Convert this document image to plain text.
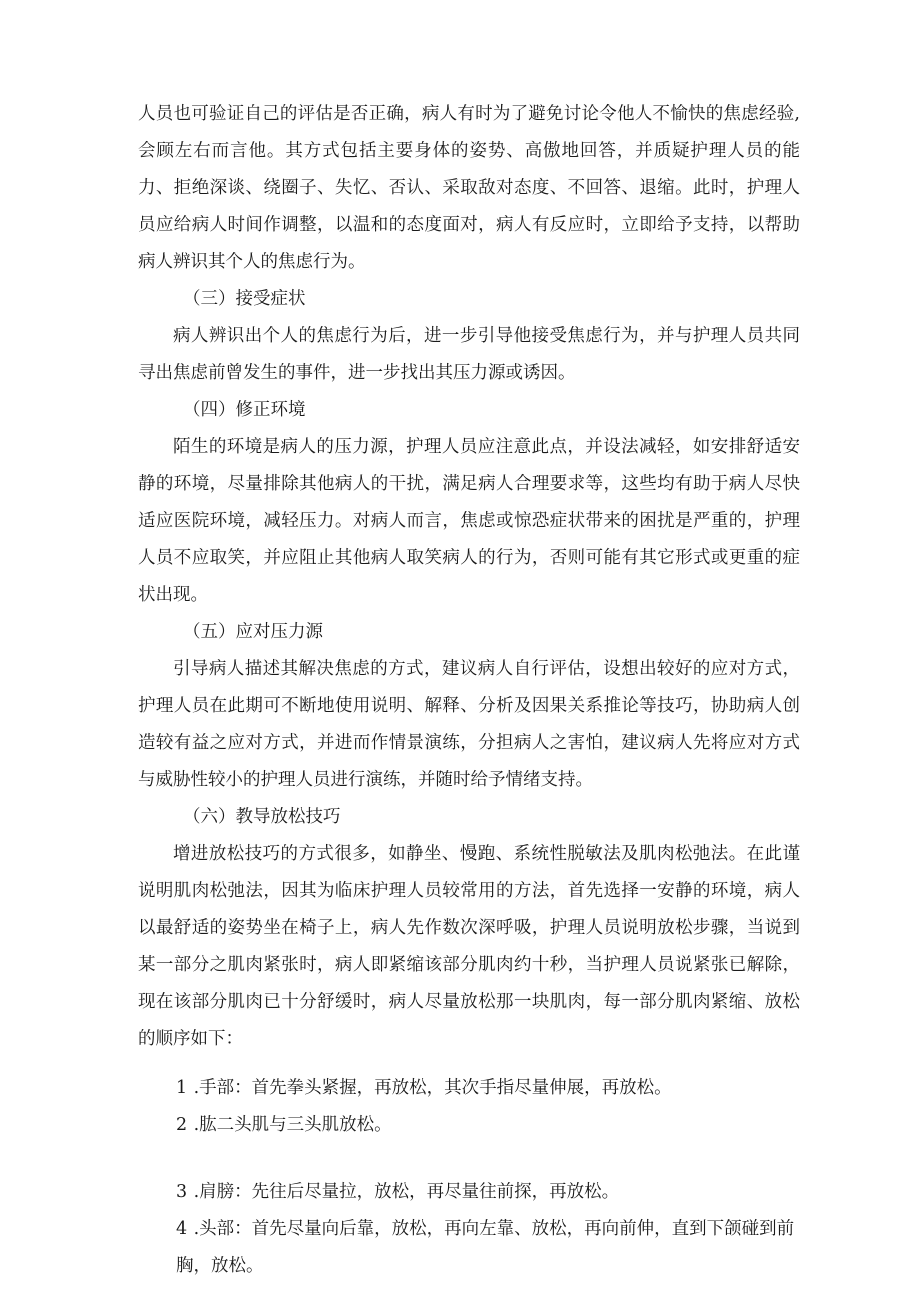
人员也可验证自己的评估是否正确，病人有时为了避免讨论令他人不愉快的焦虑经验,会顾左右而言他。其方式包括主要身体的姿势、高傲地回答，并质疑护理人员的能力、拒绝深谈、绕圈子、失忆、否认、采取敌对态度、不回答、退缩。此时，护理人员应给病人时间作调整，以温和的态度面对，病人有反应时，立即给予支持，以帮助病人辨识其个人的焦虑行为。

（三）接受症状

病人辨识出个人的焦虑行为后，进一步引导他接受焦虑行为，并与护理人员共同寻出焦虑前曾发生的事件，进一步找出其压力源或诱因。

（四）修正环境

陌生的环境是病人的压力源，护理人员应注意此点，并设法减轻，如安排舒适安静的环境，尽量排除其他病人的干扰，满足病人合理要求等，这些均有助于病人尽快适应医院环境，减轻压力。对病人而言，焦虑或惊恐症状带来的困扰是严重的，护理人员不应取笑，并应阻止其他病人取笑病人的行为，否则可能有其它形式或更重的症状出现。

（五）应对压力源

引导病人描述其解决焦虑的方式，建议病人自行评估，设想出较好的应对方式，护理人员在此期可不断地使用说明、解释、分析及因果关系推论等技巧，协助病人创造较有益之应对方式，并进而作情景演练，分担病人之害怕，建议病人先将应对方式与威胁性较小的护理人员进行演练，并随时给予情绪支持。

（六）教导放松技巧

增进放松技巧的方式很多，如静坐、慢跑、系统性脱敏法及肌肉松弛法。在此谨说明肌肉松弛法，因其为临床护理人员较常用的方法，首先选择一安静的环境，病人以最舒适的姿势坐在椅子上，病人先作数次深呼吸，护理人员说明放松步骤，当说到某一部分之肌肉紧张时，病人即紧缩该部分肌肉约十秒，当护理人员说紧张已解除，现在该部分肌肉已十分舒缓时，病人尽量放松那一块肌肉，每一部分肌肉紧缩、放松的顺序如下：

1 .手部：首先拳头紧握，再放松，其次手指尽量伸展，再放松。

2 .肱二头肌与三头肌放松。

3 .肩膀：先往后尽量拉，放松，再尽量往前探，再放松。

4 .头部：首先尽量向后靠，放松，再向左靠、放松，再向前伸，直到下颌碰到前胸，放松。
